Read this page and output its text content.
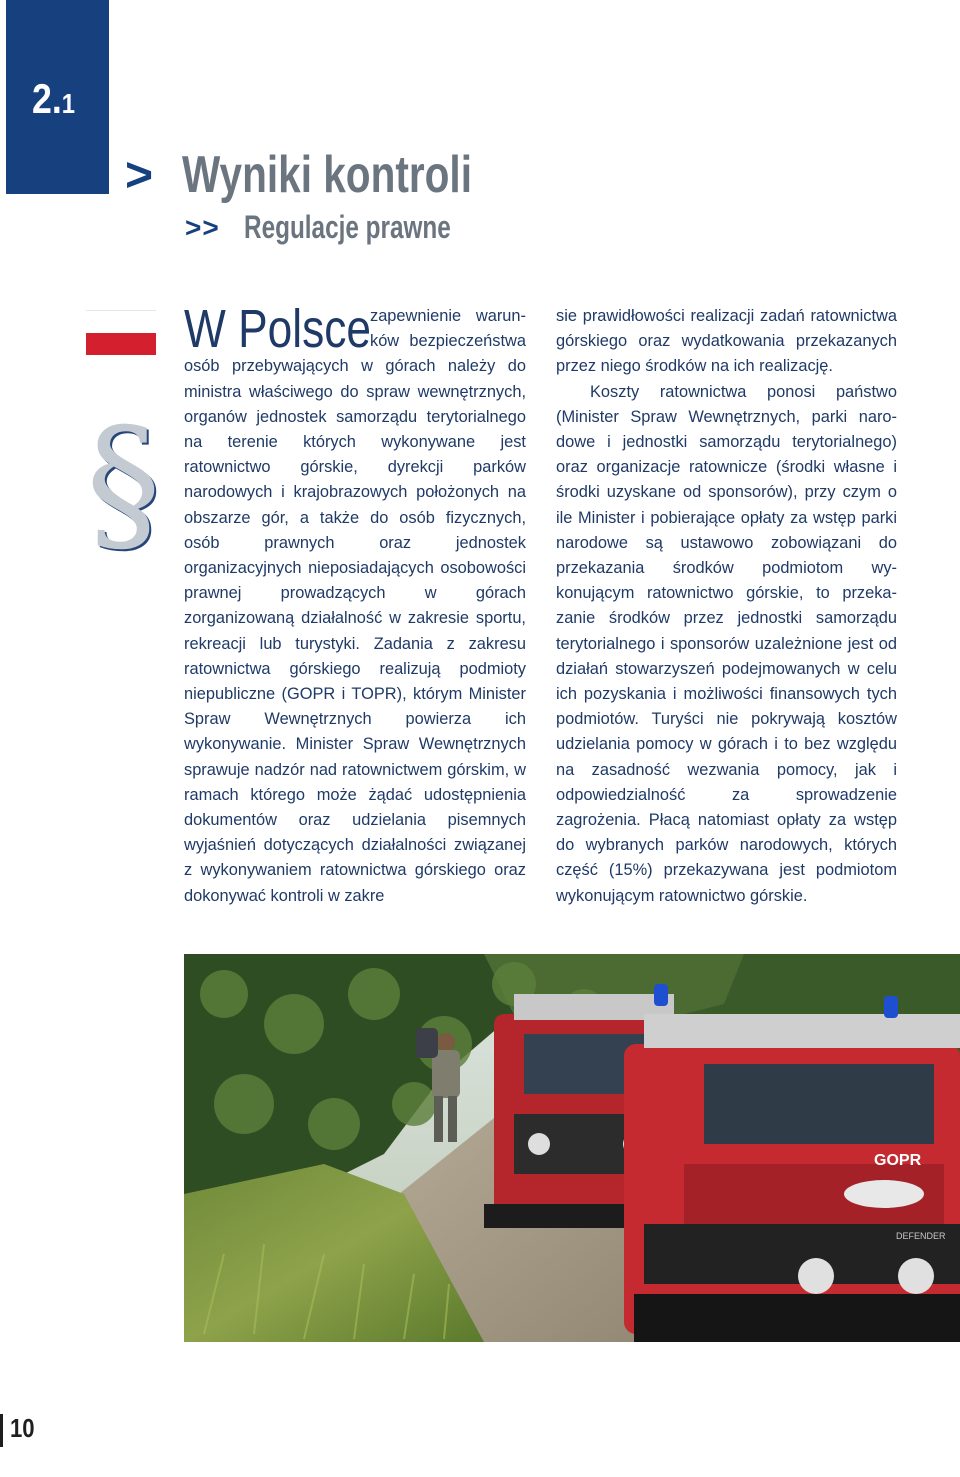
2.1
> Wyniki kontroli
>> Regulacje prawne
§

W Polsce
zapewnienie warunków bezpieczeństwa osób przebywających w górach należy do ministra właściwego do spraw wewnętrznych, organów jednostek samorządu terytorialnego na terenie których wykonywane jest ratownictwo górskie, dyrekcji parków narodowych i krajobrazowych położonych na obszarze gór, a także do osób fizycznych, osób prawnych oraz jednostek organizacyjnych nieposiadających osobowości prawnej prowadzących w górach zorganizowaną działalność w zakresie sportu, rekreacji lub turystyki. Zadania z zakresu ratownictwa górskiego realizują podmioty niepubliczne (GOPR i TOPR), którym Minister Spraw Wewnętrznych powierza ich wykonywanie. Minister Spraw Wewnętrznych sprawuje nadzór nad ratownictwem górskim, w ramach którego może żądać udostępnienia dokumentów oraz udzielania pisemnych wyjaśnień dotyczących działalności związanej z wykonywaniem ratownictwa górskiego oraz dokonywać kontroli w zakre

sie prawidłowości realizacji zadań ratownictwa górskiego oraz wydatkowania przekazanych przez niego środków na ich realizację.

Koszty ratownictwa ponosi państwo (Minister Spraw Wewnętrznych, parki narodowe i jednostki samorządu terytorialnego) oraz organizacje ratownicze (środki własne i środki uzyskane od sponsorów), przy czym o ile Minister i pobierające opłaty za wstęp parki narodowe są ustawowo zobowiązani do przekazania środków podmiotom wykonującym ratownictwo górskie, to przekazanie środków przez jednostki samorządu terytorialnego i sponsorów uzależnione jest od działań stowarzyszeń podejmowanych w celu ich pozyskania i możliwości finansowych tych podmiotów. Turyści nie pokrywają kosztów udzielania pomocy w górach i to bez względu na zasadność wezwania pomocy, jak i odpowiedzialność za sprowadzenie zagrożenia. Płacą natomiast opłaty za wstęp do wybranych parków narodowych, których część (15%) przekazywana jest podmiotom wykonującym ratownictwo górskie.

GOPR
DEFENDER
10
